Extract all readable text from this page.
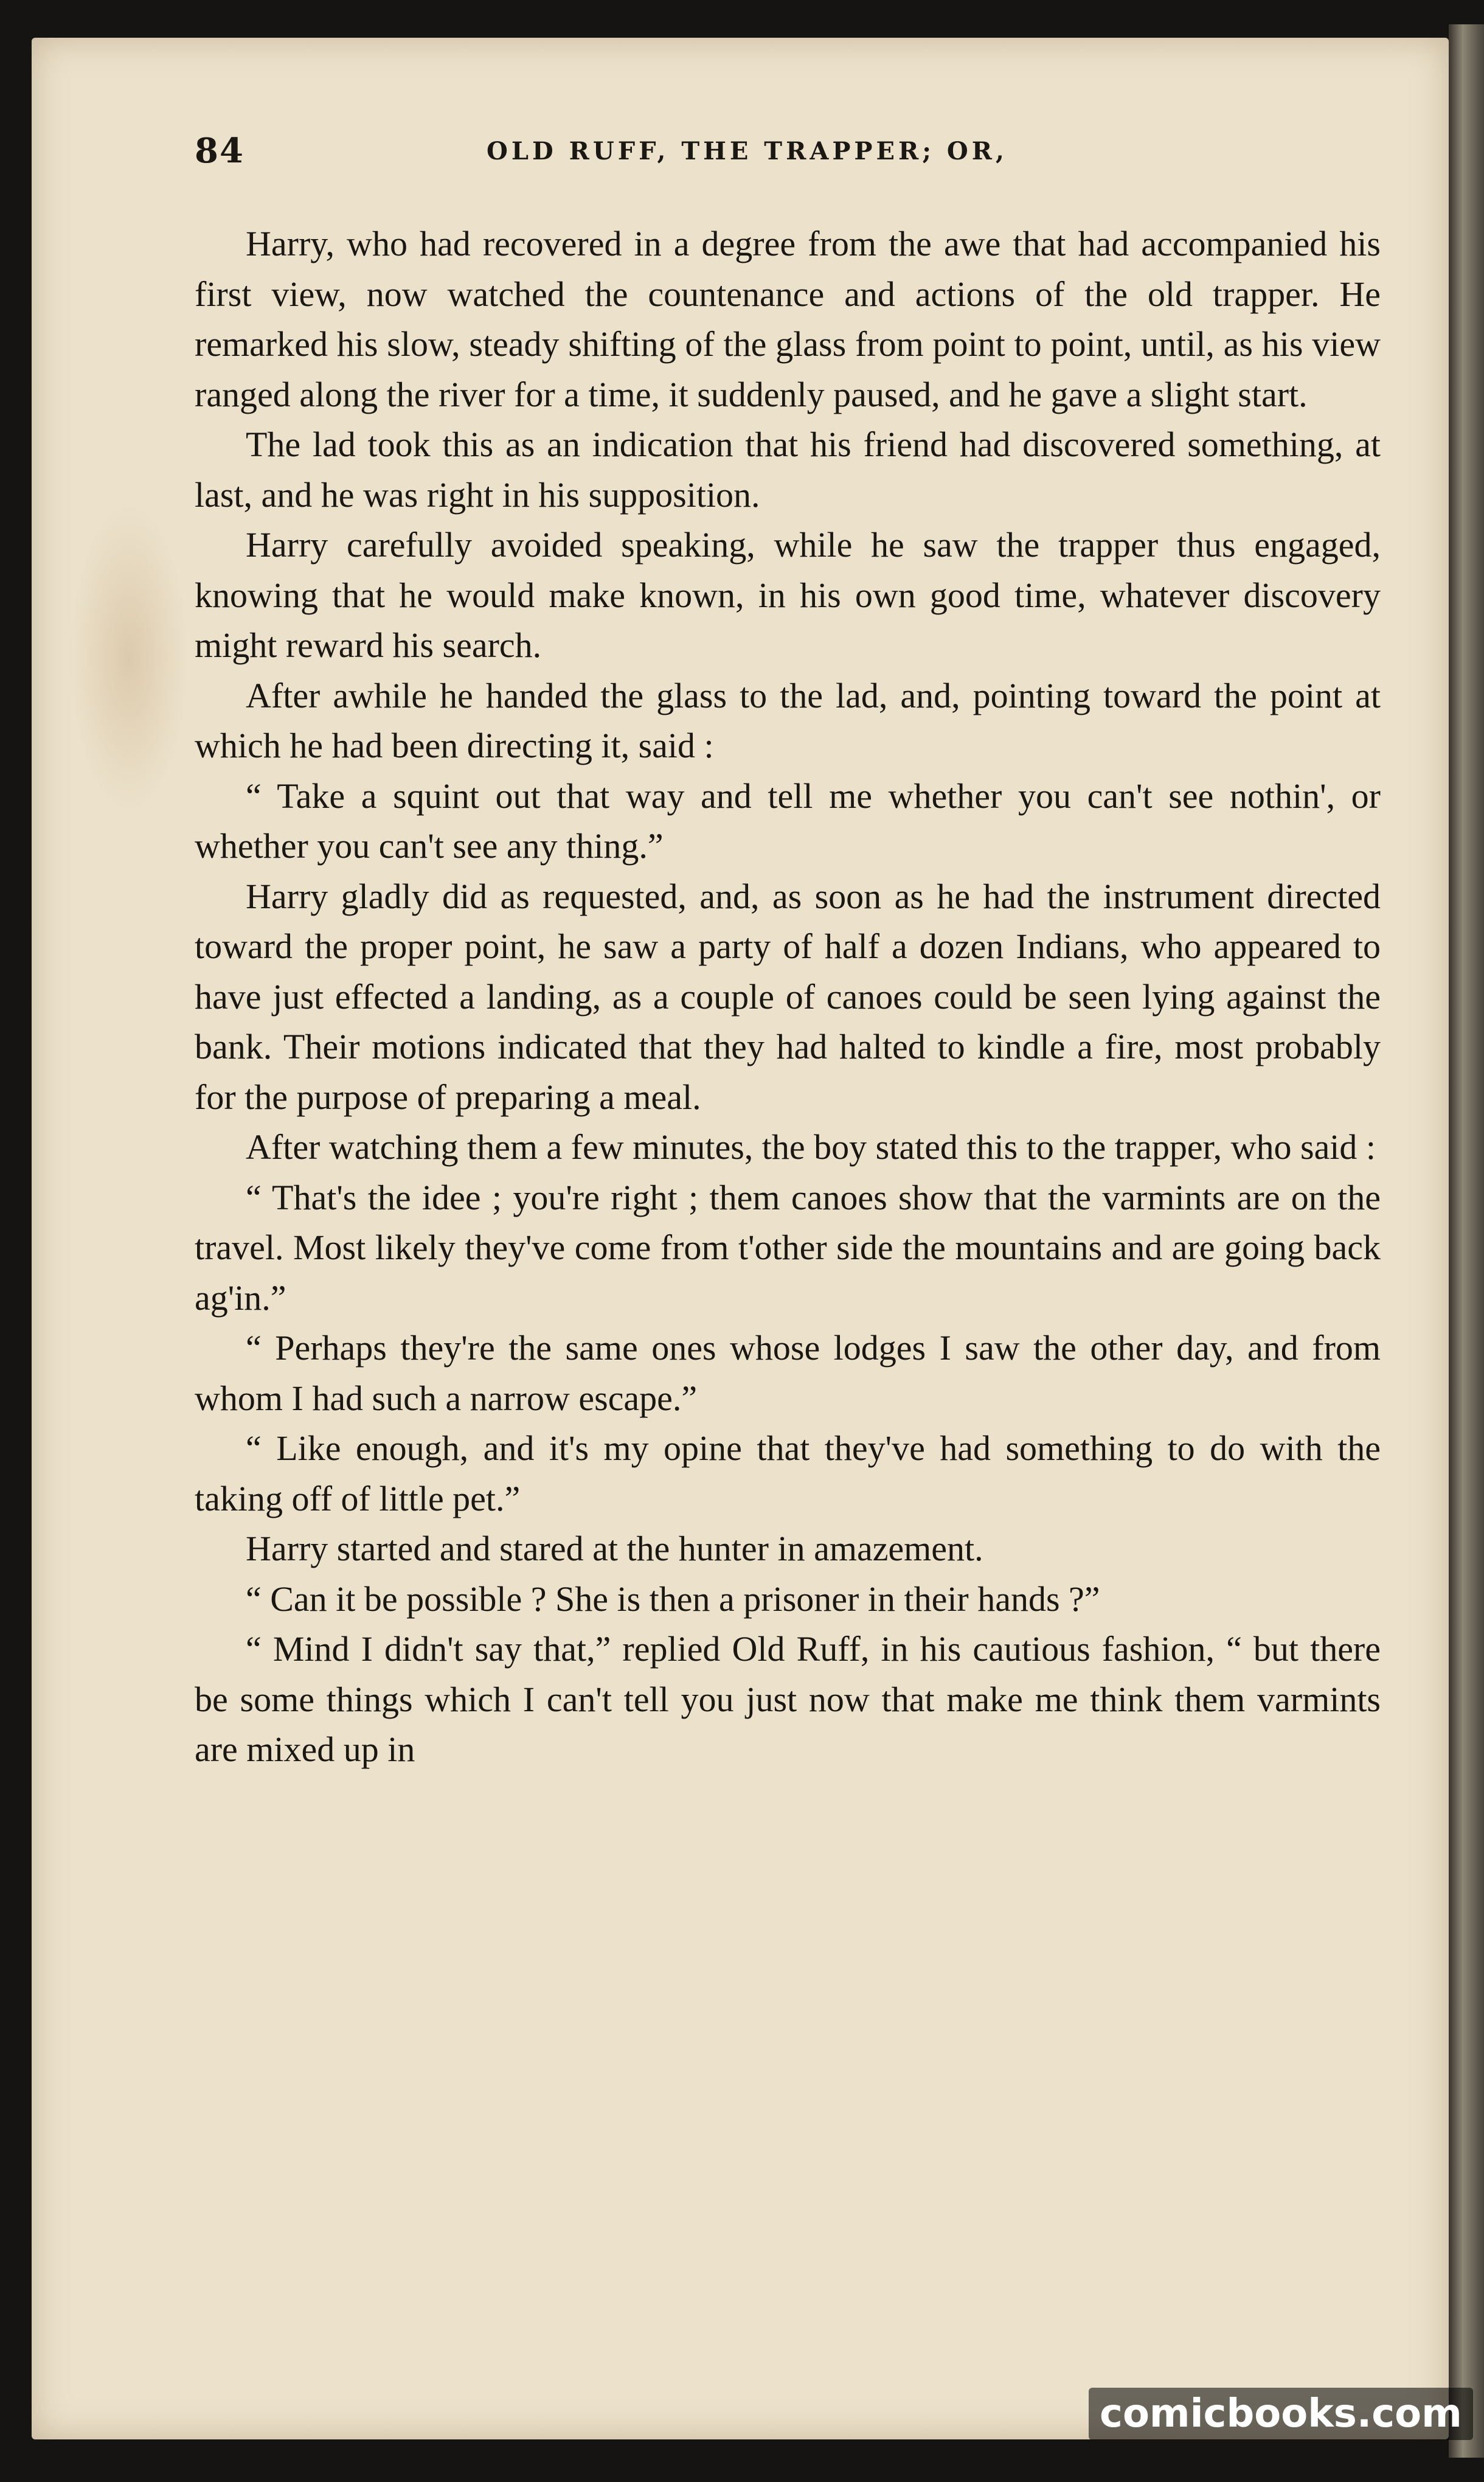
84	OLD RUFF, THE TRAPPER; OR,

Harry, who had recovered in a degree from the awe that had accompanied his first view, now watched the countenance and actions of the old trapper. He remarked his slow, steady shifting of the glass from point to point, until, as his view ranged along the river for a time, it suddenly paused, and he gave a slight start.

The lad took this as an indication that his friend had discovered something, at last, and he was right in his supposition.

Harry carefully avoided speaking, while he saw the trapper thus engaged, knowing that he would make known, in his own good time, whatever discovery might reward his search.

After awhile he handed the glass to the lad, and, pointing toward the point at which he had been directing it, said :

“ Take a squint out that way and tell me whether you can't see nothin', or whether you can't see any thing.”

Harry gladly did as requested, and, as soon as he had the instrument directed toward the proper point, he saw a party of half a dozen Indians, who appeared to have just effected a landing, as a couple of canoes could be seen lying against the bank. Their motions indicated that they had halted to kindle a fire, most probably for the purpose of preparing a meal.

After watching them a few minutes, the boy stated this to the trapper, who said :

“ That's the idee ; you're right ; them canoes show that the varmints are on the travel. Most likely they've come from t'other side the mountains and are going back ag'in.”

“ Perhaps they're the same ones whose lodges I saw the other day, and from whom I had such a narrow escape.”

“ Like enough, and it's my opine that they've had something to do with the taking off of little pet.”

Harry started and stared at the hunter in amazement.

“ Can it be possible ? She is then a prisoner in their hands ?”

“ Mind I didn't say that,” replied Old Ruff, in his cautious fashion, “ but there be some things which I can't tell you just now that make me think them varmints are mixed up in

comicbooks.com
